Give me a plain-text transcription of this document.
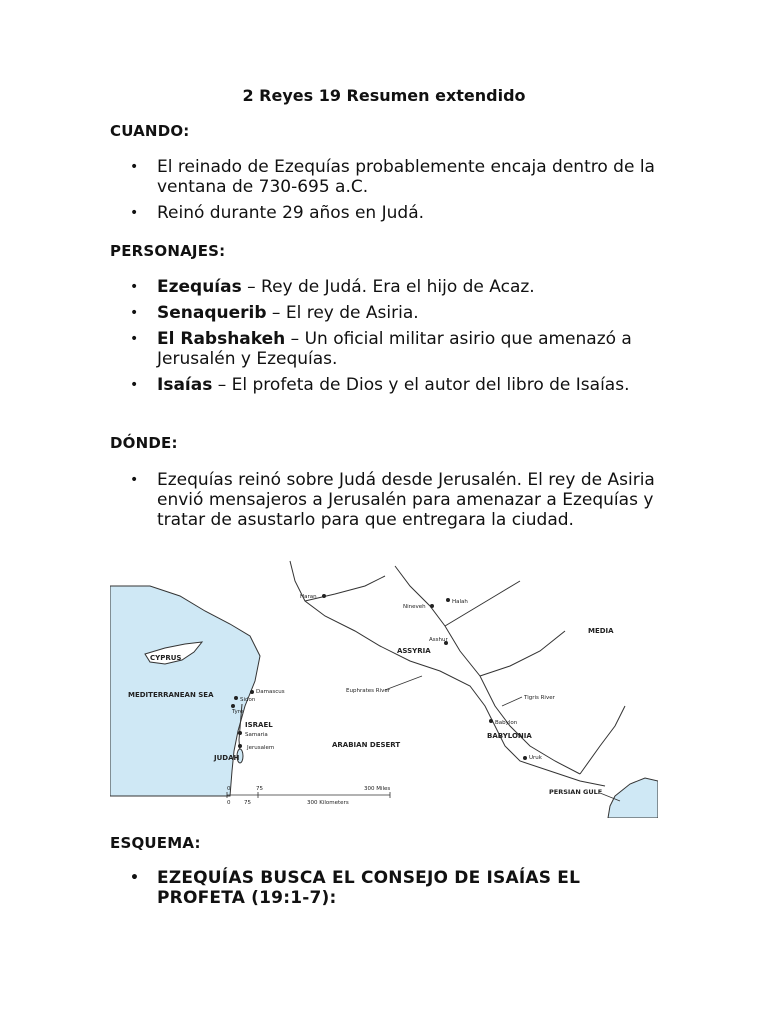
2 Reyes 19 Resumen extendido
CUANDO:
• El reinado de Ezequías probablemente encaja dentro de la ventana de 730-695 a.C.
• Reinó durante 29 años en Judá.
PERSONAJES:
• Ezequías – Rey de Judá. Era el hijo de Acaz.
• Senaquerib – El rey de Asiria.
• El Rabshakeh – Un oficial militar asirio que amenazó a Jerusalén y Ezequías.
• Isaías – El profeta de Dios y el autor del libro de Isaías.
DÓNDE:
• Ezequías reinó sobre Judá desde Jerusalén. El rey de Asiria envió mensajeros a Jerusalén para amenazar a Ezequías y tratar de asustarlo para que entregara la ciudad.
CYPRUS
MEDITERRANEAN SEA
Sidon
Damascus
Tyre
ISRAEL
Samaria
Jerusalem
JUDAH
ARABIAN DESERT
Haran
Nineveh
Halah
Asshur
ASSYRIA
MEDIA
Euphrates River
Tigris River
Babylon
BABYLONIA
Uruk
PERSIAN GULF
0	75	300 Miles
0 75	300 Kilometers
ESQUEMA:
• EZEQUÍAS BUSCA EL CONSEJO DE ISAÍAS EL PROFETA (19:1-7):
